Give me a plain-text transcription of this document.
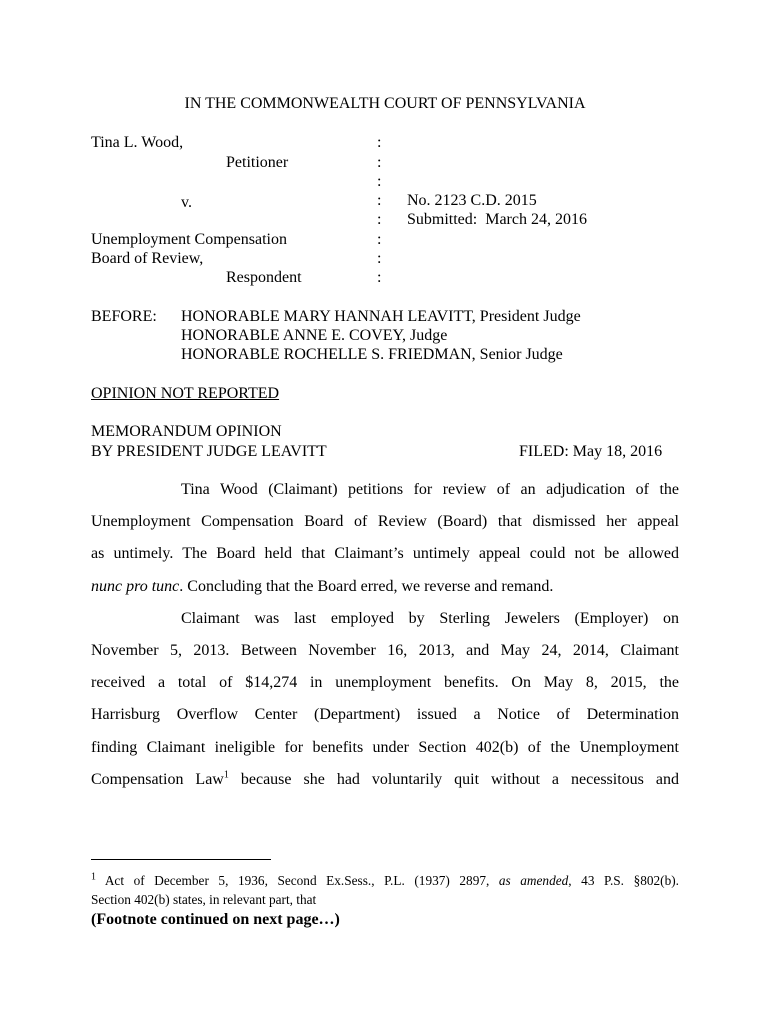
IN THE COMMONWEALTH COURT OF PENNSYLVANIA
Tina L. Wood,
Petitioner
v.
Unemployment Compensation
Board of Review,
Respondent
:
:
:
:
:
:
:
:
No. 2123 C.D. 2015
Submitted:  March 24, 2016
BEFORE: HONORABLE MARY HANNAH LEAVITT, President Judge
HONORABLE ANNE E. COVEY, Judge
HONORABLE ROCHELLE S. FRIEDMAN, Senior Judge
OPINION NOT REPORTED
MEMORANDUM OPINION
BY PRESIDENT JUDGE LEAVITT	FILED: May 18, 2016
Tina Wood (Claimant) petitions for review of an adjudication of the
Unemployment Compensation Board of Review (Board) that dismissed her appeal
as untimely. The Board held that Claimant’s untimely appeal could not be allowed
nunc pro tunc. Concluding that the Board erred, we reverse and remand.
Claimant was last employed by Sterling Jewelers (Employer) on
November 5, 2013. Between November 16, 2013, and May 24, 2014, Claimant
received a total of $14,274 in unemployment benefits. On May 8, 2015, the
Harrisburg Overflow Center (Department) issued a Notice of Determination
finding Claimant ineligible for benefits under Section 402(b) of the Unemployment
Compensation Law$^1$ because she had voluntarily quit without a necessitous and
$^1$ Act of December 5, 1936, Second Ex.Sess., P.L. (1937) 2897, as amended, 43 P.S. §802(b).
Section 402(b) states, in relevant part, that
(Footnote continued on next page…)
